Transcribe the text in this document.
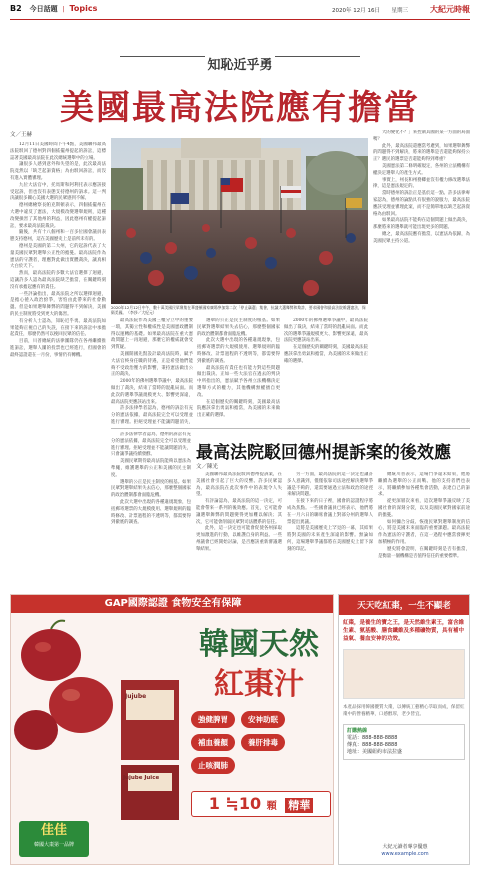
B2 今日話題 | Topics	2020年 12月 16日 星期三	大紀元時報
知恥近乎勇
美國最高法院應有擔當
文／王赫
12月11日美國時間下午4點，美國聯邦最高法院駁回了德州對四個搖擺州提起的訴訟，這標誌著美國最高法院在此次總統選舉中的立場。
讓很多人感到意外和失望的是，此次最高法院竟然以「缺乏起訴資格」為由駁回訴訟，而沒有進入實體審理。
九位大法官中，托馬斯和阿利托表示應該接受起訴，但也沒有表態支持德州的訴求。這一判決讓很多關心美國大選的民眾感到不解。
德州總檢察長帕克斯頓表示，四個搖擺州在大選中違反了憲法，大規模改變選舉規則，這種改變損害了其他州的利益，因此德州有權提起訴訟，要求最高法院裁決。
隨後，共有十八個州和一百多位國會議員表態支持德州，這在美國歷史上是前所未有的。
德州是美國的第二大州，它的起訴代表了大量美國民眾對選舉公正性的擔憂。最高法院作為憲法的守護者，理應對此做出實體裁決，讓真相大白於天下。
然而，最高法院的多數大法官選擇了迴避，這讓許多人認為最高法院缺乏擔當，在關鍵時刻沒有承擔起應有的責任。
一些評論指出，最高法院之所以選擇迴避，是擔心捲入政治紛爭，害怕由此帶來的社會動盪。但是如果選舉舞弊的問題得不到解決，美國的民主制度將受到更大的傷害。
有分析人士認為，知恥近乎勇。最高法院如果能夠正視自己的失誤，在接下來的訴訟中承擔起責任，那麼仍然可以挽回民眾的信任。
目前，川普總統的法律團隊仍在各州繼續推進訴訟，選舉人團的投票也已經進行，但國會的最終認證還在一月份，事情仍有轉機。
2020年12月12日中午，數十萬美國民眾聚集在華盛頓國家廣場參加第二次「停止竊選」集會，抗議大選舞弊和欺詐，要求國會和最高法院維護憲法，保衛美國。（李莎／大紀元）
最高法院作為美國三權分立中的重要一環，其獨立性和權威性是美國憲政體制得以運轉的基礎。如果最高法院在重大憲政問題上一再迴避，那麼它的權威就會受到質疑。
美國開國先賢設計最高法院時，賦予大法官終身任職的待遇，正是希望他們能夠不受政治壓力的影響，秉持憲法做出公正的裁決。
2000年的佛州選舉爭議中，最高法院做出了裁決，結束了當時的混亂局面。而此次的選舉爭議規模更大、影響更深遠，最高法院更應該站出來。
許多法律學者認為，德州的訴訟有充分的憲法依據，最高法院完全可以受理並進行審理。拒絕受理並不能讓問題消失，
選舉的公正是民主制度的根基。如果民眾對選舉結果失去信心，那麼整個國家的政治體制都會面臨危機。
此次大選中出現的各種違規現象，包括郵寄選票的大規模使用、選舉規則的臨時修改、計票過程的不透明等，都需要得到徹底的調查。
最高法院有責任也有能力對這些問題做出裁決。正如一些大法官在過去的判決中所指出的，憲法賦予各州立法機構決定選舉方式的權力，其他機構無權擅自更改。
在這個歷史的關鍵時刻，美國最高法院應該拿出勇氣和擔當，為美國的未來做出正確的選擇。
2000年的佛州選舉爭議中，最高法院做出了裁決，結束了當時的混亂局面。而此次的選舉爭議規模更大、影響更深遠，最高法院更應該站出來。
在這個歷史的關鍵時刻，美國最高法院應該拿出勇氣和擔當，為美國的未來做出正確的選擇。
大的變化不？」來控制其國的某一方面的局面嗎？
此外，最高法院還應當考慮到，如果選舉舞弊的問題得不到解決，將來的選舉是否還能夠保持公正？選民的選票是否還能夠得到尊重？
美國憲法第二條明確規定，各州的立法機構有權決定選舉人的產生方式。
事實上，州長和州務卿並沒有權力修改選舉法律，這是憲法規定的。
當時德州的訴訟正是基於這一點。許多法律專家認為，德州的論點具有很強的說服力，最高法院應該受理並審理此案，而不是簡單地以缺乏起訴資格為由駁回。
如果最高法院不能夠在這個問題上做出裁決，那麼將來的選舉就可能出現更多的問題。
總之，最高法院應有擔當，以憲法為依歸，為美國民眾主持公道。
最高法院駁回德州提訴案的後效應
文／陳光
美國聯邦最高法院駁回德州提訴案，在美國社會引起了巨大的反響。許多民眾認為，最高法院在此次事件中的表現令人失望。
有評論認為，最高法院的這一決定，可能會帶來一系列的後效應。首先，它可能會讓選舉舞弊的問題變得更加難以解決；其次，它可能會削弱民眾對司法體系的信任。
此外，這一決定也可能會促使各州採取更加激進的行動，以維護自身的利益。一些州議會已經開始討論，是否應該重新審議選舉結果。
另一方面，最高法院的這一決定也讓許多人意識到，僅僅依靠司法途徑解決選舉爭議是不夠的，還需要通過立法和政治的途徑來解決問題。
在接下來的日子裡，國會的認證程序將成為焦點。一些國會議員已經表示，他們將在一月六日的聯席會議上對部分州的選舉人票提出異議。
這將是美國歷史上罕見的一幕，其結果將對美國的未來產生深遠的影響。無論如何，這場選舉爭議都將在美國歷史上留下深刻的印記。
總統川普表示，這場鬥爭遠未結束，他將繼續為選舉的公正而戰。他的支持者們也表示，將繼續參加各種集會活動，表達自己的訴求。
從更深層次來看，這次選舉爭議反映了美國社會的深刻分裂，以及美國民眾對國家前途的擔憂。
如何彌合分歧、恢復民眾對選舉制度的信心，將是美國未來面臨的重要課題。最高法院作為憲法的守護者，在這一過程中應當發揮更加積極的作用。
歷史將會證明，在關鍵時刻是否有擔當，是衡量一個機構是否值得信任的重要標準。
許多法律學者認為，德州的訴訟有充分的憲法依據，最高法院完全可以受理並進行審理。拒絕受理並不能讓問題消失，只會讓爭議持續發酵。
美國民眾期待最高法院能夠以憲法為準繩，維護選舉的公正和美國的民主制度。
選舉的公正是民主制度的根基。如果民眾對選舉結果失去信心，那麼整個國家的政治體制都會面臨危機。
此次大選中出現的各種違規現象，包括郵寄選票的大規模使用、選舉規則的臨時修改、計票過程的不透明等，都需要得到徹底的調查。
GAP國際認證 食物安全有保障
Jujube
Jujube Juice
韓國天然
紅棗汁
強健脾胃	安神助眠
補血養顏	養肝排毒
止咳潤肺
1 ≒10 顆 精華
佳佳
韓國大棗第一品牌
天天吃紅棗，一生不顯老
紅棗，是養生的寶之王，是天然維生素王，富含維生素、氨基酸、膳食纖維及多種礦物質，具有補中益氣、養血安神的功效。
本產品採用韓國優質大棗，以傳統工藝精心萃取而成，保留紅棗中的營養精華，口感醇厚，老少皆宜。
訂購熱線
電話：888-888-8888
傳真：888-888-8888
地址：美國紐約市法拉盛
大紀元讀者專享優惠
www.example.com
